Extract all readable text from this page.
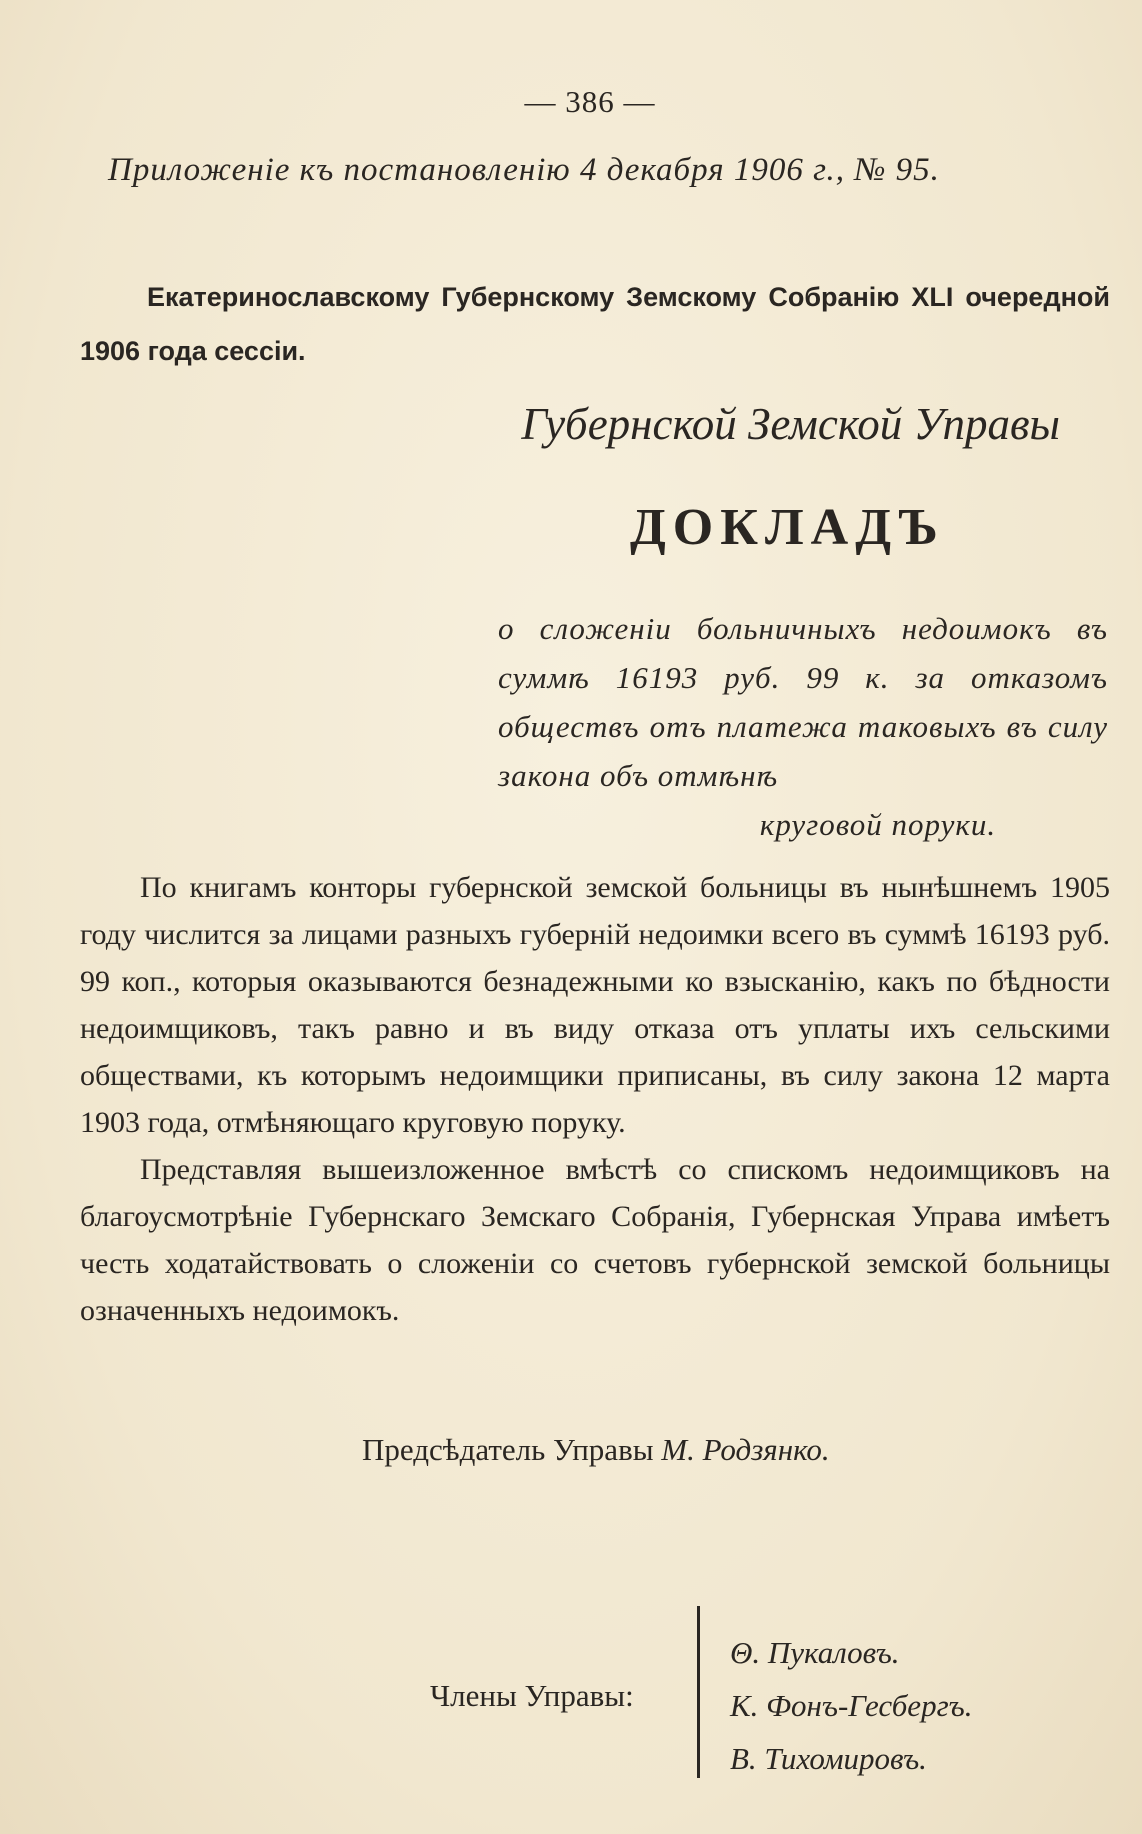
— 386 —
Приложеніе къ постановленію 4 декабря 1906 г., № 95.
Екатеринославскому Губернскому Земскому Собранію XLI очередной 1906 года сессіи.
Губернской Земской Управы
ДОКЛАДЪ
о сложеніи больничныхъ недоимокъ въ суммѣ 16193 руб. 99 к. за отказомъ обществъ отъ платежа таковыхъ въ силу закона объ отмѣнѣ
круговой поруки.

По книгамъ конторы губернской земской больницы въ нынѣшнемъ 1905 году числится за лицами разныхъ губерній недоимки всего въ суммѣ 16193 руб. 99 коп., которыя оказываются безнадежными ко взысканію, какъ по бѣдности недоимщиковъ, такъ равно и въ виду отказа отъ уплаты ихъ сельскими обществами, къ которымъ недоимщики приписаны, въ силу закона 12 марта 1903 года, отмѣняющаго круговую поруку.

Представляя вышеизложенное вмѣстѣ со спискомъ недоимщиковъ на благоусмотрѣніе Губернскаго Земскаго Собранія, Губернская Управа имѣетъ честь ходатайствовать о сложеніи со счетовъ губернской земской больницы означенныхъ недоимокъ.

Предсѣдатель Управы М. Родзянко.
Члены Управы:
Θ. Пукаловъ.
К. Фонъ-Гесбергъ.
В. Тихомировъ.
